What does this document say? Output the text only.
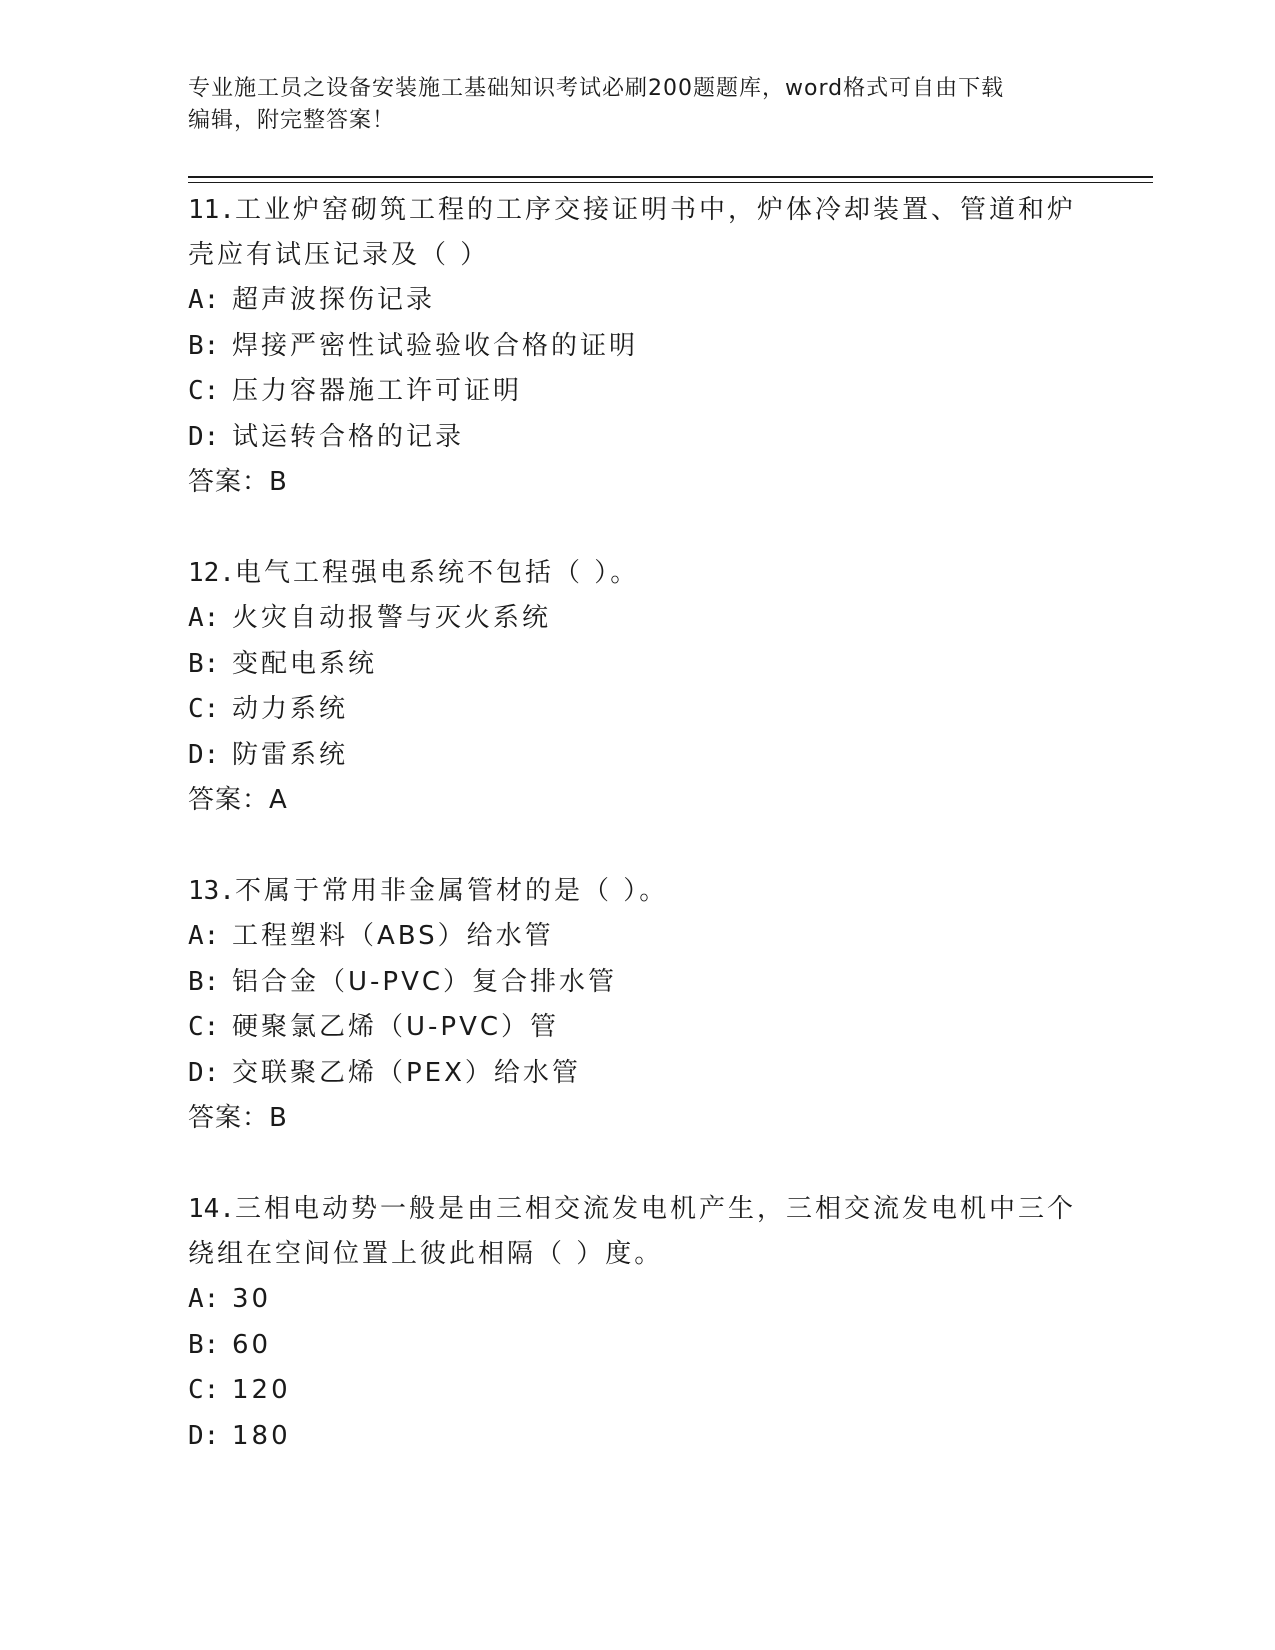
专业施工员之设备安装施工基础知识考试必刷200题题库，word格式可自由下载
编辑，附完整答案！
11.工业炉窑砌筑工程的工序交接证明书中，炉体冷却装置、管道和炉
壳应有试压记录及（ ）
A: 超声波探伤记录
B: 焊接严密性试验验收合格的证明
C: 压力容器施工许可证明
D: 试运转合格的记录
答案：B
12.电气工程强电系统不包括（ ）。
A: 火灾自动报警与灭火系统
B: 变配电系统
C: 动力系统
D: 防雷系统
答案：A
13.不属于常用非金属管材的是（ ）。
A: 工程塑料（ABS）给水管
B: 铝合金（U-PVC）复合排水管
C: 硬聚氯乙烯（U-PVC）管
D: 交联聚乙烯（PEX）给水管
答案：B
14.三相电动势一般是由三相交流发电机产生，三相交流发电机中三个
绕组在空间位置上彼此相隔（ ）度。
A: 30
B: 60
C: 120
D: 180
